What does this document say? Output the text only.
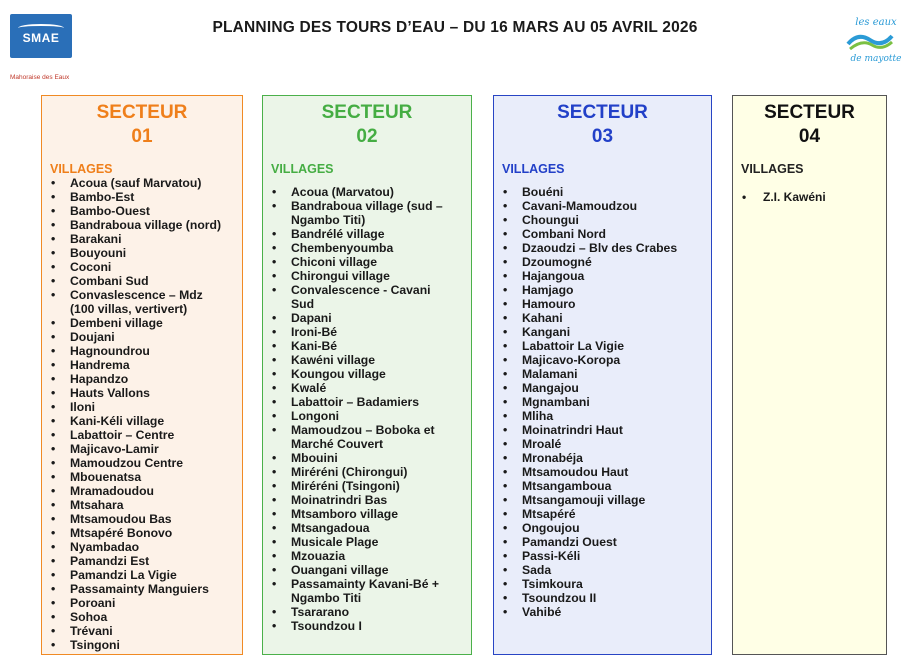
SMAE
Mahoraise des Eaux
PLANNING DES TOURS D’EAU – DU 16 MARS AU 05 AVRIL 2026	les eaux
de mayotte
SECTEUR
01
VILLAGES
• Acoua (sauf Marvatou)
• Bambo-Est
• Bambo-Ouest
• Bandraboua village (nord)
• Barakani
• Bouyouni
• Coconi
• Combani Sud
• Convaslescence – Mdz
(100 villas, vertivert)
• Dembeni village
• Doujani
• Hagnoundrou
• Handrema
• Hapandzo
• Hauts Vallons
• Iloni
• Kani-Kéli village
• Labattoir – Centre
• Majicavo-Lamir
• Mamoudzou Centre
• Mbouenatsa
• Mramadoudou
• Mtsahara
• Mtsamoudou Bas
• Mtsapéré Bonovo
• Nyambadao
• Pamandzi Est
• Pamandzi La Vigie
• Passamainty Manguiers
• Poroani
• Sohoa
• Trévani
• Tsingoni
SECTEUR
02
VILLAGES
• Acoua (Marvatou)
• Bandraboua village (sud –
Ngambo Titi)
• Bandrélé village
• Chembenyoumba
• Chiconi village
• Chirongui village
• Convalescence - Cavani
Sud
• Dapani
• Ironi-Bé
• Kani-Bé
• Kawéni village
• Koungou village
• Kwalé
• Labattoir – Badamiers
• Longoni
• Mamoudzou – Boboka et
Marché Couvert
• Mbouini
• Miréréni (Chirongui)
• Miréréni (Tsingoni)
• Moinatrindri Bas
• Mtsamboro village
• Mtsangadoua
• Musicale Plage
• Mzouazia
• Ouangani village
• Passamainty Kavani-Bé +
Ngambo Titi
• Tsararano
• Tsoundzou I
SECTEUR
03
VILLAGES
• Bouéni
• Cavani-Mamoudzou
• Choungui
• Combani Nord
• Dzaoudzi – Blv des Crabes
• Dzoumogné
• Hajangoua
• Hamjago
• Hamouro
• Kahani
• Kangani
• Labattoir La Vigie
• Majicavo-Koropa
• Malamani
• Mangajou
• Mgnambani
• Mliha
• Moinatrindri Haut
• Mroalé
• Mronabéja
• Mtsamoudou Haut
• Mtsangamboua
• Mtsangamouji village
• Mtsapéré
• Ongoujou
• Pamandzi Ouest
• Passi-Kéli
• Sada
• Tsimkoura
• Tsoundzou II
• Vahibé
SECTEUR
04
VILLAGES
• Z.I. Kawéni
